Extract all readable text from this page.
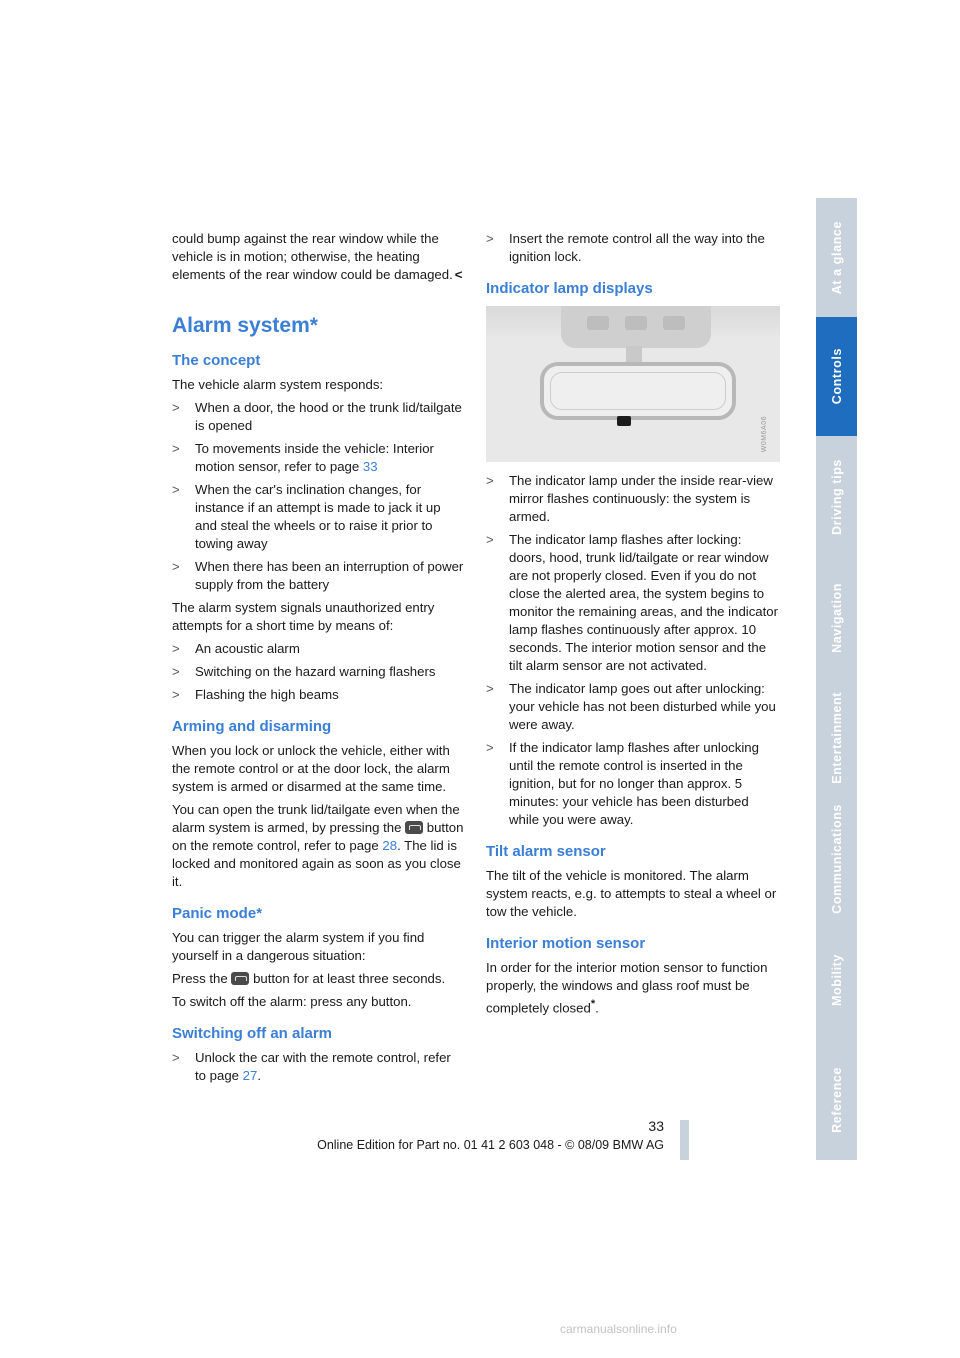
could bump against the rear window while the vehicle is in motion; otherwise, the heating elements of the rear window could be damaged. <

Alarm system*
The concept

The vehicle alarm system responds:

>	When a door, the hood or the trunk lid/tailgate is opened
>	To movements inside the vehicle: Interior motion sensor, refer to page 33
>	When the car's inclination changes, for instance if an attempt is made to jack it up and steal the wheels or to raise it prior to towing away
>	When there has been an interruption of power supply from the battery

The alarm system signals unauthorized entry attempts for a short time by means of:

>	An acoustic alarm
>	Switching on the hazard warning flashers
>	Flashing the high beams
Arming and disarming

When you lock or unlock the vehicle, either with the remote control or at the door lock, the alarm system is armed or disarmed at the same time.

You can open the trunk lid/tailgate even when the alarm system is armed, by pressing the button on the remote control, refer to page 28. The lid is locked and monitored again as soon as you close it.

Panic mode*

You can trigger the alarm system if you find yourself in a dangerous situation:

Press the button for at least three seconds.

To switch off the alarm: press any button.

Switching off an alarm
>	Unlock the car with the remote control, refer to page 27.
>	Insert the remote control all the way into the ignition lock.
Indicator lamp displays
W0M6A06
>	The indicator lamp under the inside rear-view mirror flashes continuously: the system is armed.
>	The indicator lamp flashes after locking: doors, hood, trunk lid/tailgate or rear window are not properly closed. Even if you do not close the alerted area, the system begins to monitor the remaining areas, and the indicator lamp flashes continuously after approx. 10 seconds. The interior motion sensor and the tilt alarm sensor are not activated.
>	The indicator lamp goes out after unlocking: your vehicle has not been disturbed while you were away.
>	If the indicator lamp flashes after unlocking until the remote control is inserted in the ignition, but for no longer than approx. 5 minutes: your vehicle has been disturbed while you were away.
Tilt alarm sensor

The tilt of the vehicle is monitored. The alarm system reacts, e.g. to attempts to steal a wheel or tow the vehicle.

Interior motion sensor

In order for the interior motion sensor to function properly, the windows and glass roof must be completely closed*.

At a glance
Controls
Driving tips
Navigation
Entertainment
Communications
Mobility
Reference
33
Online Edition for Part no. 01 41 2 603 048 - © 08/09 BMW AG
carmanualsonline.info
